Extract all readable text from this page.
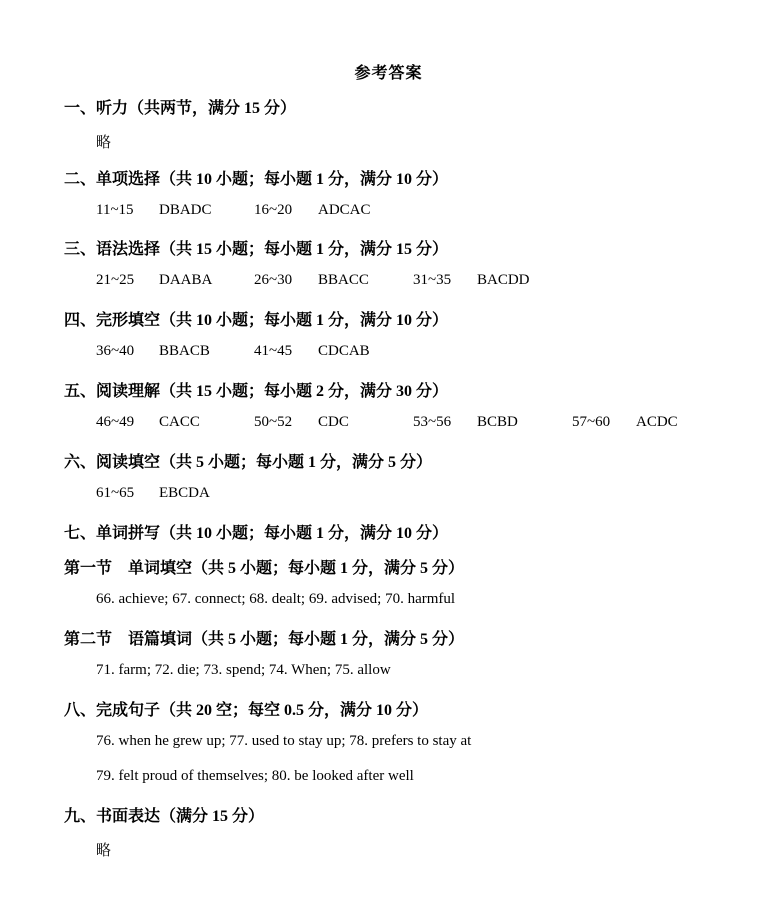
参考答案
一、听力（共两节，满分 15 分）
略
二、单项选择（共 10 小题；每小题 1 分，满分 10 分）
11~15 DBADC	16~20 ADCAC
三、语法选择（共 15 小题；每小题 1 分，满分 15 分）
21~25 DAABA	26~30 BBACC	31~35 BACDD
四、完形填空（共 10 小题；每小题 1 分，满分 10 分）
36~40 BBACB	41~45 CDCAB
五、阅读理解（共 15 小题；每小题 2 分，满分 30 分）
46~49 CACC	50~52 CDC	53~56 BCBD	57~60 ACDC
六、阅读填空（共 5 小题；每小题 1 分，满分 5 分）
61~65 EBCDA
七、单词拼写（共 10 小题；每小题 1 分，满分 10 分）
第一节　单词填空（共 5 小题；每小题 1 分，满分 5 分）
66. achieve; 67. connect; 68. dealt; 69. advised; 70. harmful
第二节　语篇填词（共 5 小题；每小题 1 分，满分 5 分）
71. farm; 72. die; 73. spend; 74. When; 75. allow
八、完成句子（共 20 空；每空 0.5 分，满分 10 分）
76. when he grew up; 77. used to stay up; 78. prefers to stay at
79. felt proud of themselves; 80. be looked after well
九、书面表达（满分 15 分）
略
